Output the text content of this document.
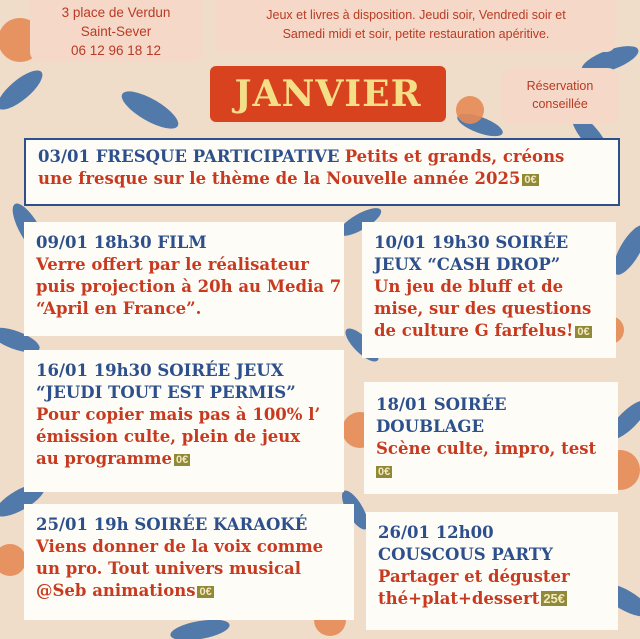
3 place de Verdun
Saint-Sever
06 12 96 18 12
Jeux et livres à disposition. Jeudi soir, Vendredi soir et
Samedi midi et soir, petite restauration apéritive.
JANVIER	Réservation
conseillée
03/01 FRESQUE PARTICIPATIVE Petits et grands, créons
une fresque sur le thème de la Nouvelle année 2025 0€
09/01 18h30 FILM
Verre offert par le réalisateur
puis projection à 20h au Media 7
“April en France”.
10/01 19h30 SOIRÉE
JEUX “CASH DROP”
Un jeu de bluff et de
mise, sur des questions
de culture G farfelus! 0€
16/01 19h30 SOIRÉE JEUX
“JEUDI TOUT EST PERMIS”
Pour copier mais pas à 100% l’
émission culte, plein de jeux
au programme 0€
18/01 SOIRÉE
DOUBLAGE
Scène culte, impro, test
0€
25/01 19h SOIRÉE KARAOKÉ
Viens donner de la voix comme
un pro. Tout univers musical
@Seb animations 0€
26/01 12h00
COUSCOUS PARTY
Partager et déguster
thé+plat+dessert 25€
